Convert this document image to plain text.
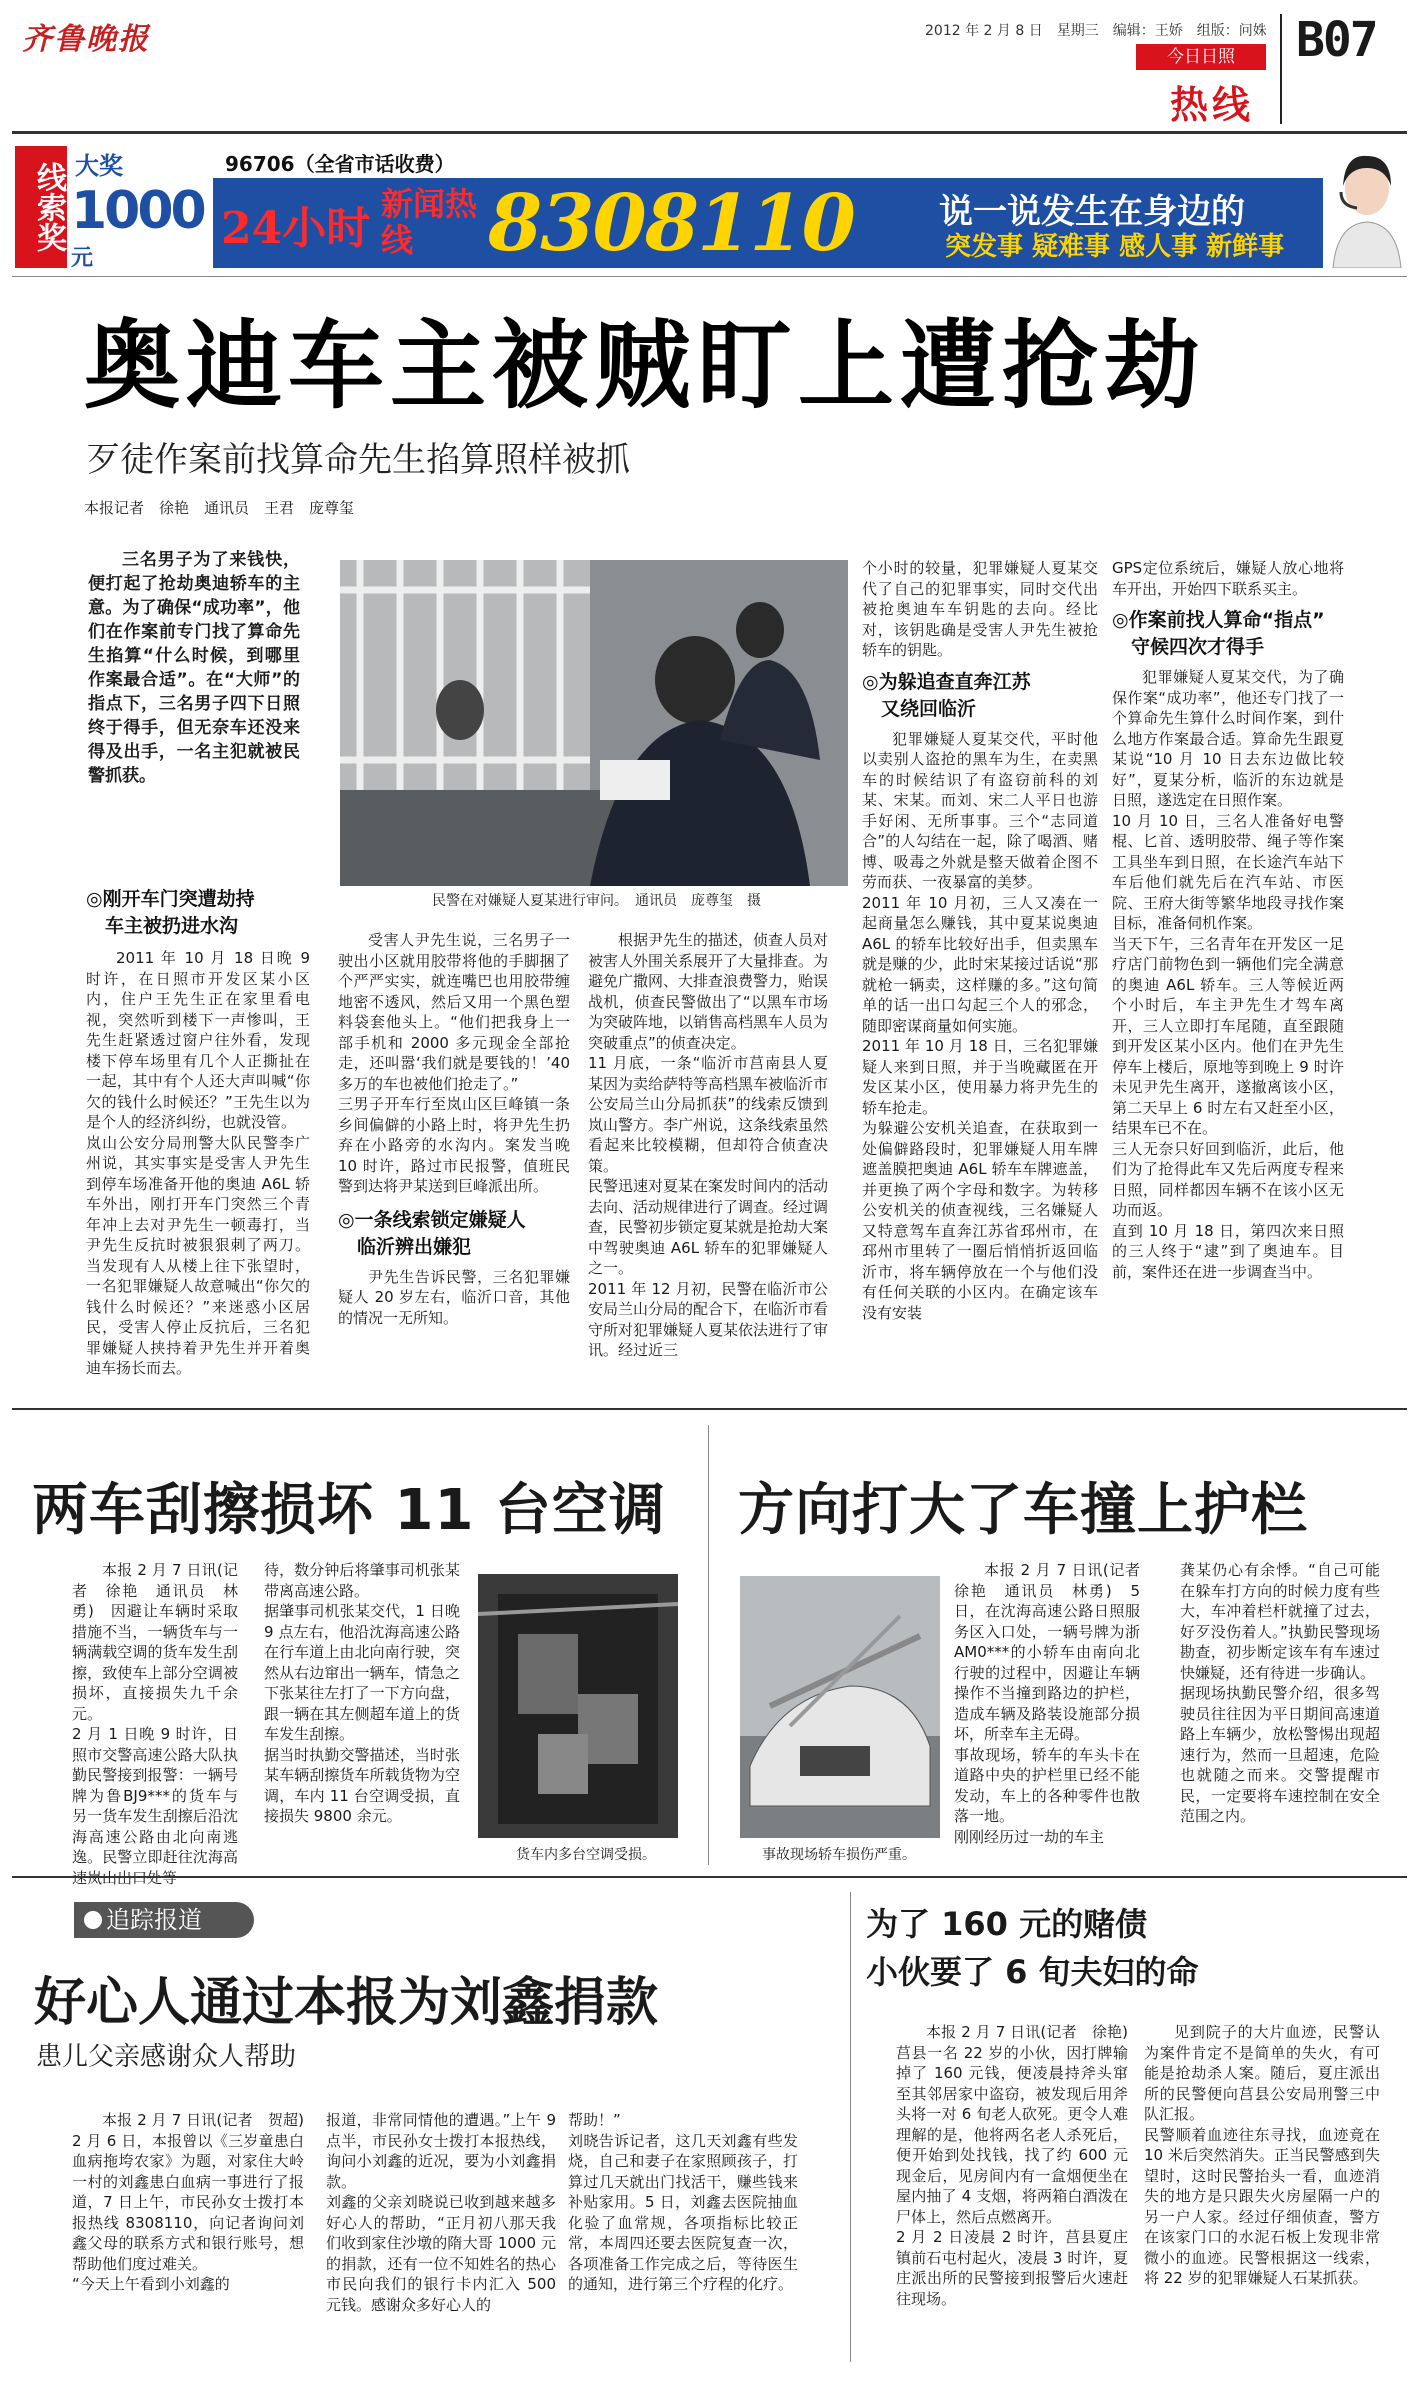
齐鲁晚报	2012 年 2 月 8 日　星期三　编辑：王娇　组版：问姝
今日日照
热线
B07
线索奖 大奖
1000元
96706（全省市话收费）
24小时 新闻热线 8308110	说一说发生在身边的
突发事 疑难事 感人事 新鲜事
奥迪车主被贼盯上遭抢劫
歹徒作案前找算命先生掐算照样被抓
本报记者　徐艳　通讯员　王君　庞尊玺
三名男子为了来钱快，便打起了抢劫奥迪轿车的主意。为了确保“成功率”，他们在作案前专门找了算命先生掐算“什么时候，到哪里作案最合适”。在“大师”的指点下，三名男子四下日照终于得手，但无奈车还没来得及出手，一名主犯就被民警抓获。
民警在对嫌疑人夏某进行审问。　通讯员　庞尊玺　摄
◎刚开车门突遭劫持
　车主被扔进水沟
2011 年 10 月 18 日晚 9 时许，在日照市开发区某小区内，住户王先生正在家里看电视，突然听到楼下一声惨叫，王先生赶紧透过窗户往外看，发现楼下停车场里有几个人正撕扯在一起，其中有个人还大声叫喊“你欠的钱什么时候还？”王先生以为是个人的经济纠纷，也就没管。
岚山公安分局刑警大队民警李广州说，其实事实是受害人尹先生到停车场准备开他的奥迪 A6L 轿车外出，刚打开车门突然三个青年冲上去对尹先生一顿毒打，当尹先生反抗时被狠狠刺了两刀。当发现有人从楼上往下张望时，一名犯罪嫌疑人故意喊出“你欠的钱什么时候还？”来迷惑小区居民，受害人停止反抗后，三名犯罪嫌疑人挟持着尹先生并开着奥迪车扬长而去。
受害人尹先生说，三名男子一驶出小区就用胶带将他的手脚捆了个严严实实，就连嘴巴也用胶带缠地密不透风，然后又用一个黑色塑料袋套他头上。“他们把我身上一部手机和 2000 多元现金全部抢走，还叫嚣‘我们就是要钱的！’40 多万的车也被他们抢走了。”
三男子开车行至岚山区巨峰镇一条乡间偏僻的小路上时，将尹先生扔弃在小路旁的水沟内。案发当晚 10 时许，路过市民报警，值班民警到达将尹某送到巨峰派出所。
◎一条线索锁定嫌疑人
　临沂辨出嫌犯
尹先生告诉民警，三名犯罪嫌疑人 20 岁左右，临沂口音，其他的情况一无所知。
根据尹先生的描述，侦查人员对被害人外围关系展开了大量排查。为避免广撒网、大排查浪费警力，贻误战机，侦查民警做出了“以黑车市场为突破阵地，以销售高档黑车人员为突破重点”的侦查决定。
11 月底，一条“临沂市莒南县人夏某因为卖给萨特等高档黑车被临沂市公安局兰山分局抓获”的线索反馈到岚山警方。李广州说，这条线索虽然看起来比较模糊，但却符合侦查决策。
民警迅速对夏某在案发时间内的活动去向、活动规律进行了调查。经过调查，民警初步锁定夏某就是抢劫大案中驾驶奥迪 A6L 轿车的犯罪嫌疑人之一。
2011 年 12 月初，民警在临沂市公安局兰山分局的配合下，在临沂市看守所对犯罪嫌疑人夏某依法进行了审讯。经过近三
个小时的较量，犯罪嫌疑人夏某交代了自己的犯罪事实，同时交代出被抢奥迪车车钥匙的去向。经比对，该钥匙确是受害人尹先生被抢轿车的钥匙。
◎为躲追查直奔江苏
　又绕回临沂
犯罪嫌疑人夏某交代，平时他以卖别人盗抢的黑车为生，在卖黑车的时候结识了有盗窃前科的刘某、宋某。而刘、宋二人平日也游手好闲、无所事事。三个“志同道合”的人勾结在一起，除了喝酒、赌博、吸毒之外就是整天做着企图不劳而获、一夜暴富的美梦。
2011 年 10 月初，三人又凑在一起商量怎么赚钱，其中夏某说奥迪 A6L 的轿车比较好出手，但卖黑车就是赚的少，此时宋某接过话说“那就枪一辆卖，这样赚的多。”这句简单的话一出口勾起三个人的邪念，随即密谋商量如何实施。
2011 年 10 月 18 日，三名犯罪嫌疑人来到日照，并于当晚藏匿在开发区某小区，使用暴力将尹先生的轿车抢走。
为躲避公安机关追查，在获取到一处偏僻路段时，犯罪嫌疑人用车牌遮盖膜把奥迪 A6L 轿车车牌遮盖，并更换了两个字母和数字。为转移公安机关的侦查视线，三名嫌疑人又特意驾车直奔江苏省邳州市，在邳州市里转了一圈后悄悄折返回临沂市，将车辆停放在一个与他们没有任何关联的小区内。在确定该车没有安装
GPS定位系统后，嫌疑人放心地将车开出，开始四下联系买主。
◎作案前找人算命“指点”
　守候四次才得手
犯罪嫌疑人夏某交代，为了确保作案“成功率”，他还专门找了一个算命先生算什么时间作案，到什么地方作案最合适。算命先生跟夏某说“10 月 10 日去东边做比较好”，夏某分析，临沂的东边就是日照，遂选定在日照作案。
10 月 10 日，三名人准备好电警棍、匕首、透明胶带、绳子等作案工具坐车到日照，在长途汽车站下车后他们就先后在汽车站、市医院、王府大街等繁华地段寻找作案目标，准备伺机作案。
当天下午，三名青年在开发区一足疗店门前物色到一辆他们完全满意的奥迪 A6L 轿车。三人等候近两个小时后，车主尹先生才驾车离开，三人立即打车尾随，直至跟随到开发区某小区内。他们在尹先生停车上楼后，原地等到晚上 9 时许未见尹先生离开，遂撤离该小区，第二天早上 6 时左右又赶至小区，结果车已不在。
三人无奈只好回到临沂，此后，他们为了抢得此车又先后两度专程来日照，同样都因车辆不在该小区无功而返。
直到 10 月 18 日，第四次来日照的三人终于“逮”到了奥迪车。目前，案件还在进一步调查当中。
两车刮擦损坏 11 台空调
本报 2 月 7 日讯(记者　徐艳　通讯员　林勇)　因避让车辆时采取措施不当，一辆货车与一辆满载空调的货车发生刮擦，致使车上部分空调被损坏，直接损失九千余元。
2 月 1 日晚 9 时许，日照市交警高速公路大队执勤民警接到报警：一辆号牌为鲁BJ9***的货车与另一货车发生刮擦后沿沈海高速公路由北向南逃逸。民警立即赶往沈海高
待，数分钟后将肇事司机张某带离高速公路。
据肇事司机张某交代，1 日晚 9 点左右，他沿沈海高速公路在行车道上由北向南行驶，突然从右边窜出一辆车，情急之下张某往左打了一下方向盘，跟一辆在其左侧超车道上的货车发生刮擦。
据当时执勤交警描述，当时张某车辆刮擦货车所载货物为空调，车内 11 台空调受损，直接损失 9800 余元。
货车内多台空调受损。
方向打大了车撞上护栏
事故现场轿车损伤严重。
本报 2 月 7 日讯(记者　徐艳　通讯员　林勇)　5 日，在沈海高速公路日照服务区入口处，一辆号牌为浙AM0***的小轿车由南向北行驶的过程中，因避让车辆操作不当撞到路边的护栏，造成车辆及路装设施部分损坏，所幸车主无碍。
事故现场，轿车的车头卡在道路中央的护栏里已经不能发动，车上的各种零件也散落一地。
刚刚经历过一劫的车主
龚某仍心有余悸。“自己可能在躲车打方向的时候力度有些大，车冲着栏杆就撞了过去，好歹没伤着人。”执勤民警现场勘查，初步断定该车有车速过快嫌疑，还有待进一步确认。
据现场执勤民警介绍，很多驾驶员往往因为平日期间高速道路上车辆少，放松警惕出现超速行为，然而一旦超速，危险也就随之而来。交警提醒市民，一定要将车速控制在安全范围之内。
追踪报道
好心人通过本报为刘鑫捐款
患儿父亲感谢众人帮助
本报 2 月 7 日讯(记者　贺超)　2 月 6 日，本报曾以《三岁童患白血病拖垮农家》为题，对家住大岭一村的刘鑫患白血病一事进行了报道，7 日上午，市民孙女士拨打本报热线 8308110，向记者询问刘鑫父母的联系方式和银行账号，想帮助他们度过难关。
“今天上午看到小刘鑫的
报道，非常同情他的遭遇。”上午 9 点半，市民孙女士拨打本报热线，询问小刘鑫的近况，要为小刘鑫捐款。
刘鑫的父亲刘晓说已收到越来越多好心人的帮助，“正月初八那天我们收到家住沙墩的隋大哥 1000 元的捐款，还有一位不知姓名的热心市民向我们的银行卡内汇入 500 元钱。感谢众多好心人的
帮助！”
刘晓告诉记者，这几天刘鑫有些发烧，自己和妻子在家照顾孩子，打算过几天就出门找活干，赚些钱来补贴家用。5 日，刘鑫去医院抽血化验了血常规，各项指标比较正常，本周四还要去医院复查一次，各项准备工作完成之后，等待医生的通知，进行第三个疗程的化疗。
为了 160 元的赌债
小伙要了 6 旬夫妇的命
本报 2 月 7 日讯(记者　徐艳)　莒县一名 22 岁的小伙，因打牌输掉了 160 元钱，便凌晨持斧头窜至其邻居家中盗窃，被发现后用斧头将一对 6 旬老人砍死。更令人难理解的是，他将两名老人杀死后，便开始到处找钱，找了约 600 元现金后，见房间内有一盒烟便坐在屋内抽了 4 支烟，将两箱白酒泼在尸体上，然后点燃离开。
2 月 2 日凌晨 2 时许，莒县夏庄镇前石屯村起火，凌晨 3 时许，夏庄派出所的民警接到报警后火速赶往现场。
见到院子的大片血迹，民警认为案件肯定不是简单的失火，有可能是抢劫杀人案。随后，夏庄派出所的民警便向莒县公安局刑警三中队汇报。
民警顺着血迹往东寻找，血迹竟在 10 米后突然消失。正当民警感到失望时，这时民警抬头一看，血迹消失的地方是只跟失火房屋隔一户的另一户人家。经过仔细侦查，警方在该家门口的水泥石板上发现非常微小的血迹。民警根据这一线索，将 22 岁的犯罪嫌疑人石某抓获。
